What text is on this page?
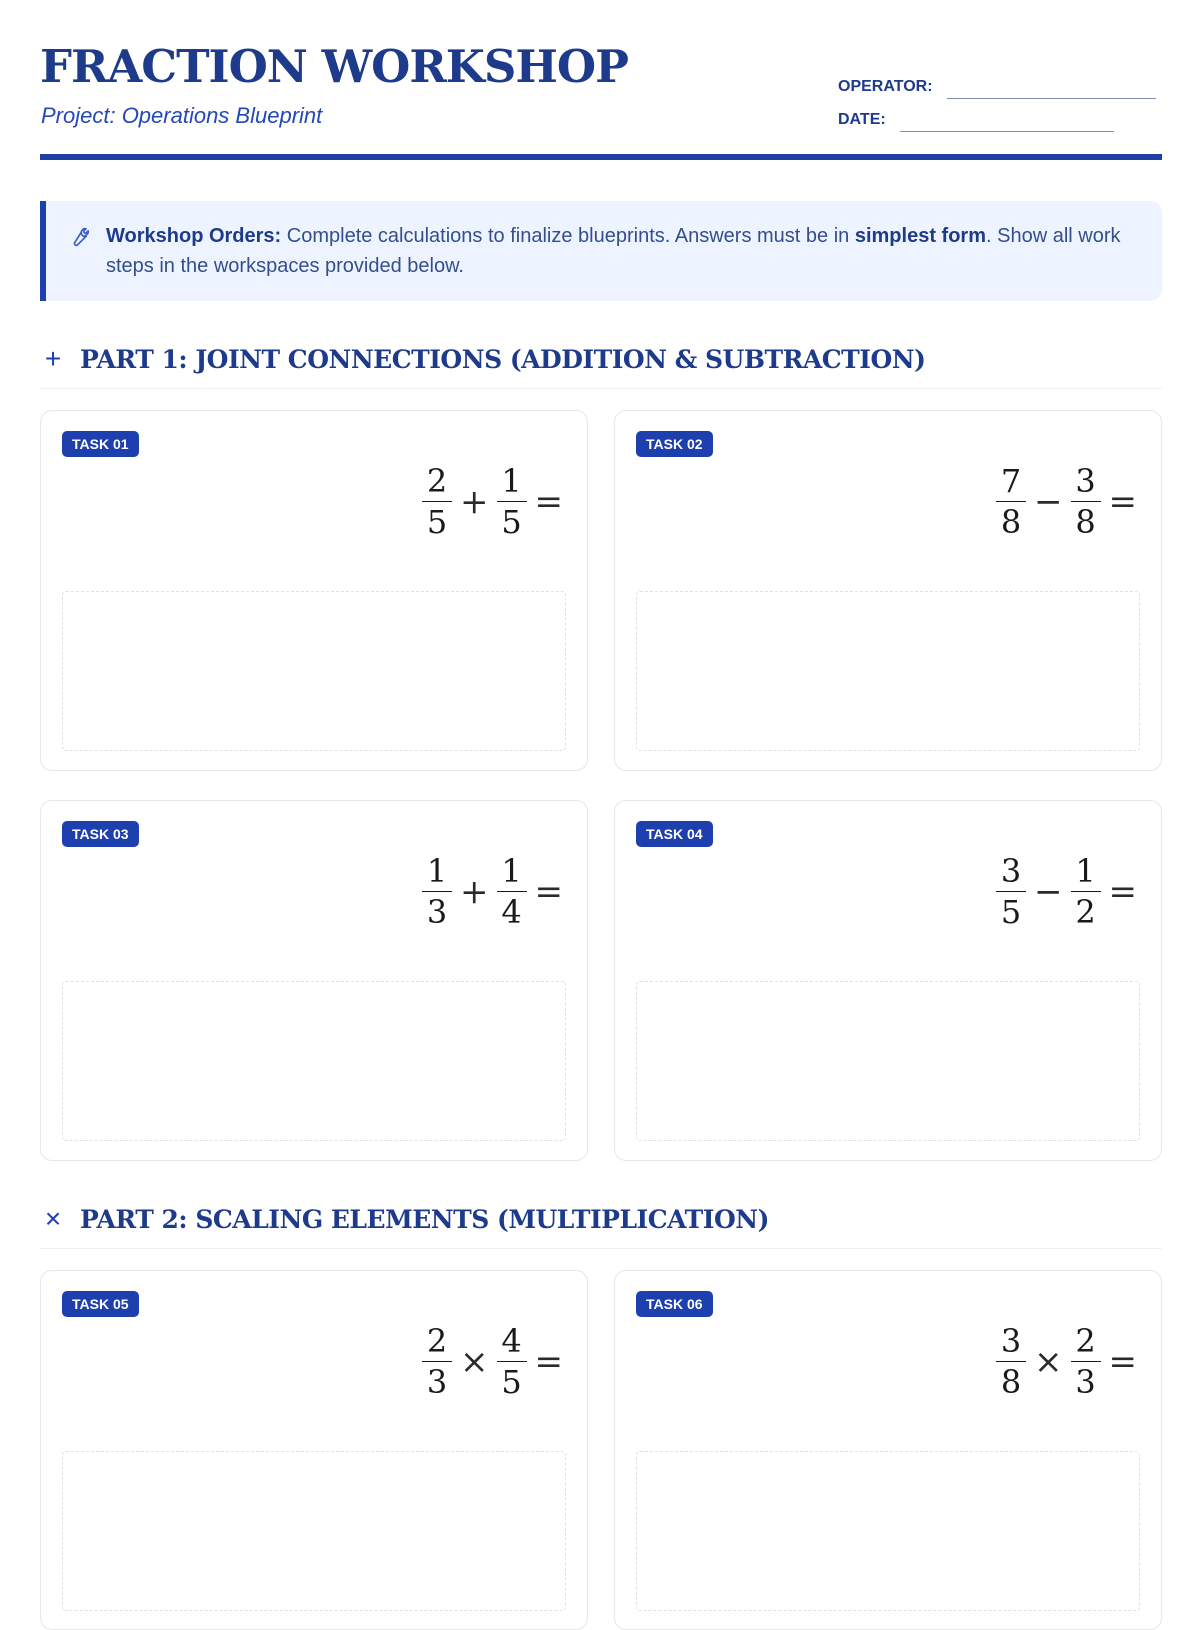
FRACTION WORKSHOP
Project: Operations Blueprint
OPERATOR:
DATE:
Workshop Orders: Complete calculations to finalize blueprints. Answers must be in simplest form. Show all work steps in the workspaces provided below.
+ PART 1: JOINT CONNECTIONS (ADDITION & SUBTRACTION)
TASK 01
$\frac{2}{5} + \frac{1}{5}$ =
TASK 02
$\frac{7}{8} - \frac{3}{8}$ =
TASK 03
$\frac{1}{3} + \frac{1}{4}$ =
TASK 04
$\frac{3}{5} - \frac{1}{2}$ =
× PART 2: SCALING ELEMENTS (MULTIPLICATION)
TASK 05
$\frac{2}{3} \times \frac{4}{5}$ =
TASK 06
$\frac{3}{8} \times \frac{2}{3}$ =
